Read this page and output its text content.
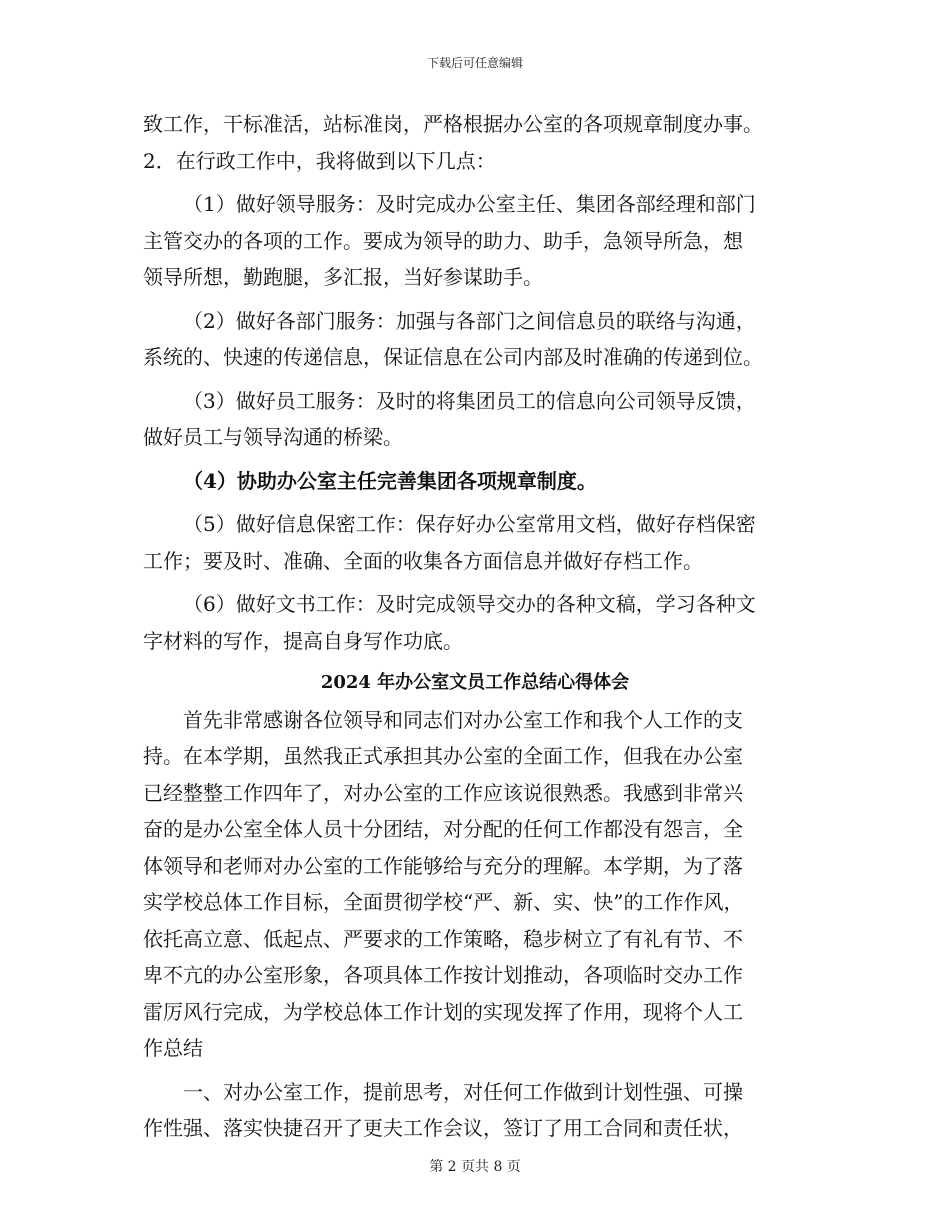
下载后可任意编辑
致工作，干标准活，站标准岗，严格根据办公室的各项规章制度办事。
2．在行政工作中，我将做到以下几点：
（1）做好领导服务：及时完成办公室主任、集团各部经理和部门
主管交办的各项的工作。要成为领导的助力、助手，急领导所急，想
领导所想，勤跑腿，多汇报，当好参谋助手。
（2）做好各部门服务：加强与各部门之间信息员的联络与沟通，
系统的、快速的传递信息，保证信息在公司内部及时准确的传递到位。
（3）做好员工服务：及时的将集团员工的信息向公司领导反馈，
做好员工与领导沟通的桥梁。
（4）协助办公室主任完善集团各项规章制度。
（5）做好信息保密工作：保存好办公室常用文档，做好存档保密
工作；要及时、准确、全面的收集各方面信息并做好存档工作。
（6）做好文书工作：及时完成领导交办的各种文稿，学习各种文
字材料的写作，提高自身写作功底。
2024 年办公室文员工作总结心得体会
首先非常感谢各位领导和同志们对办公室工作和我个人工作的支
持。在本学期，虽然我正式承担其办公室的全面工作，但我在办公室
已经整整工作四年了，对办公室的工作应该说很熟悉。我感到非常兴
奋的是办公室全体人员十分团结，对分配的任何工作都没有怨言，全
体领导和老师对办公室的工作能够给与充分的理解。本学期，为了落
实学校总体工作目标，全面贯彻学校“严、新、实、快”的工作作风，
依托高立意、低起点、严要求的工作策略，稳步树立了有礼有节、不
卑不亢的办公室形象，各项具体工作按计划推动，各项临时交办工作
雷厉风行完成，为学校总体工作计划的实现发挥了作用，现将个人工
作总结
一、对办公室工作，提前思考，对任何工作做到计划性强、可操
作性强、落实快捷召开了更夫工作会议，签订了用工合同和责任状，
第 2 页共 8 页
